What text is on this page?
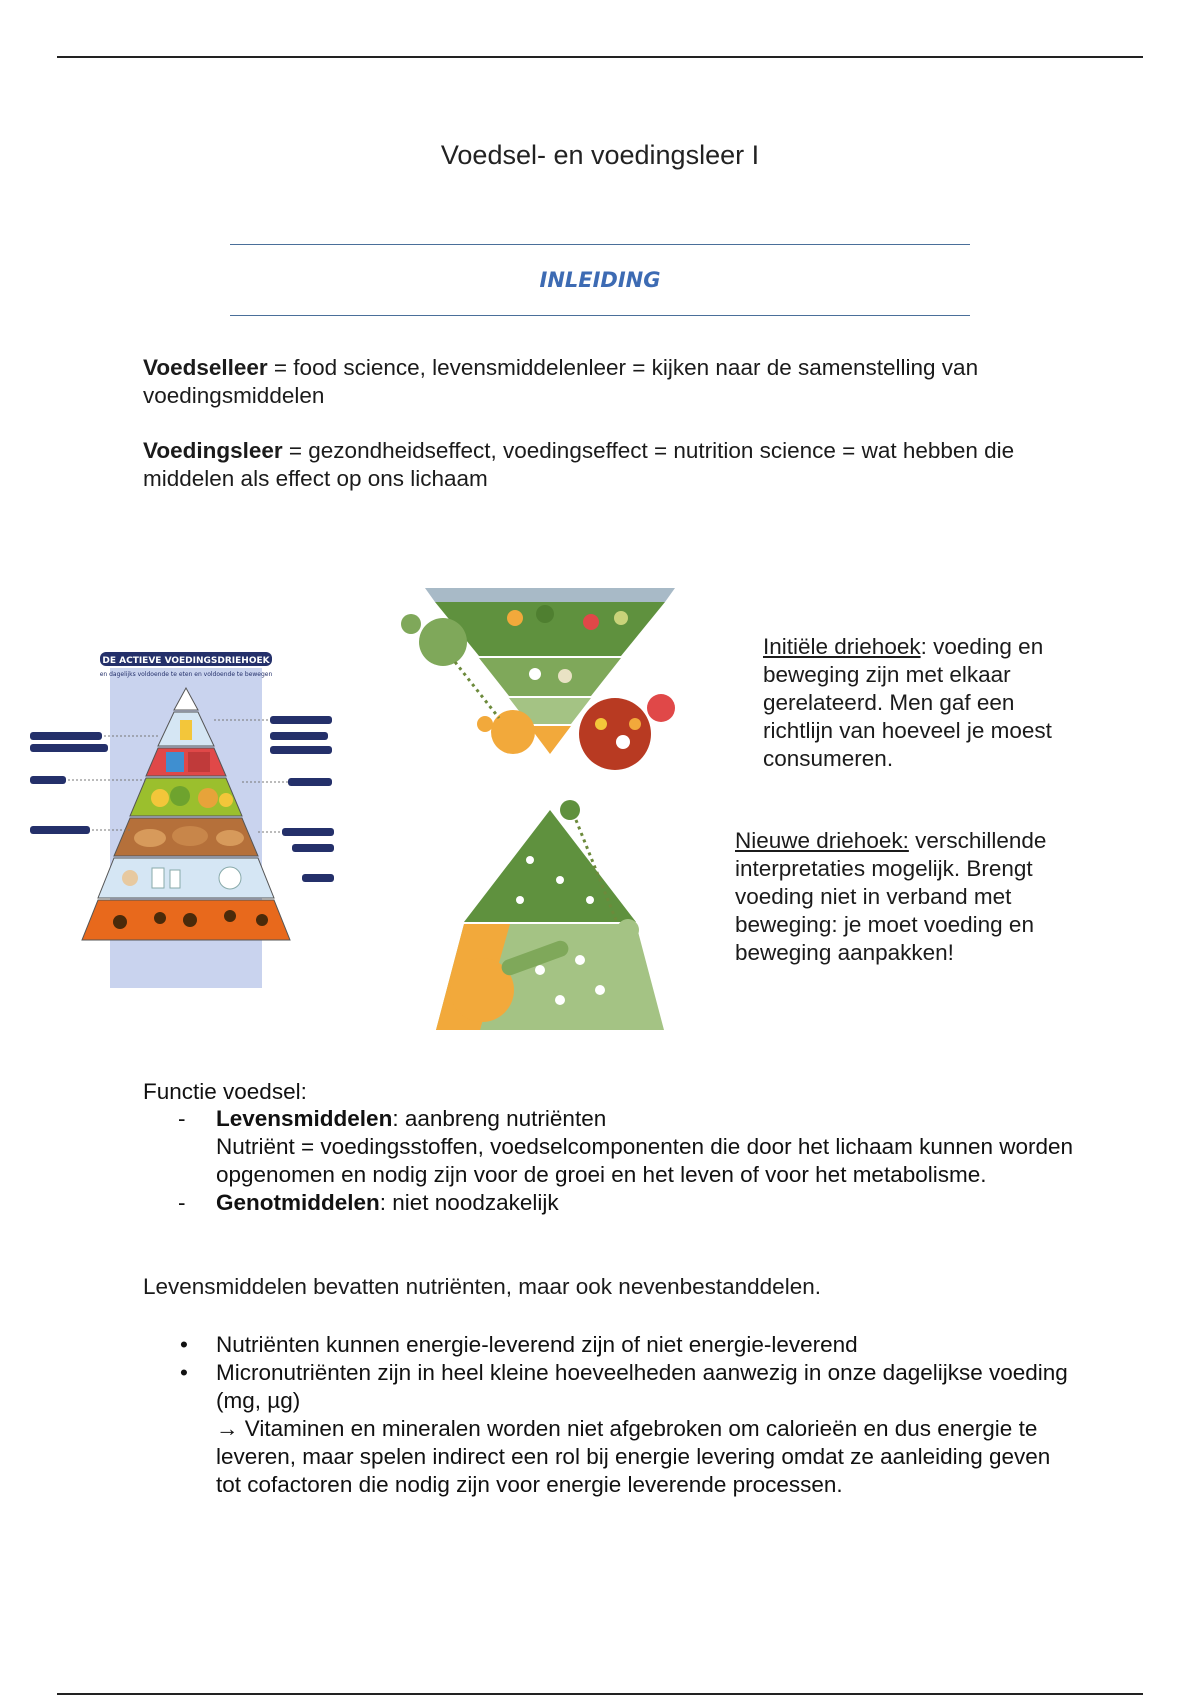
Voedsel- en voedingsleer I
INLEIDING
Voedselleer = food science, levensmiddelenleer = kijken naar de samenstelling van voedingsmiddelen
Voedingsleer = gezondheidseffect, voedingseffect = nutrition science = wat hebben die middelen als effect op ons lichaam
DE ACTIEVE VOEDINGSDRIEHOEK
en dagelijks voldoende te eten en voldoende te bewegen
Initiële driehoek: voeding en beweging zijn met elkaar gerelateerd. Men gaf een richtlijn van hoeveel je moest consumeren.
Nieuwe driehoek: verschillende interpretaties mogelijk. Brengt voeding niet in verband met beweging: je moet voeding en beweging aanpakken!
Functie voedsel:
- Levensmiddelen: aanbreng nutriënten
Nutriënt = voedingsstoffen, voedselcomponenten die door het lichaam kunnen worden opgenomen en nodig zijn voor de groei en het leven of voor het metabolisme.
- Genotmiddelen: niet noodzakelijk
Levensmiddelen bevatten nutriënten, maar ook nevenbestanddelen.
• Nutriënten kunnen energie-leverend zijn of niet energie-leverend
• Micronutriënten zijn in heel kleine hoeveelheden aanwezig in onze dagelijkse voeding (mg, µg)
→ Vitaminen en mineralen worden niet afgebroken om calorieën en dus energie te leveren, maar spelen indirect een rol bij energie levering omdat ze aanleiding geven tot cofactoren die nodig zijn voor energie leverende processen.
